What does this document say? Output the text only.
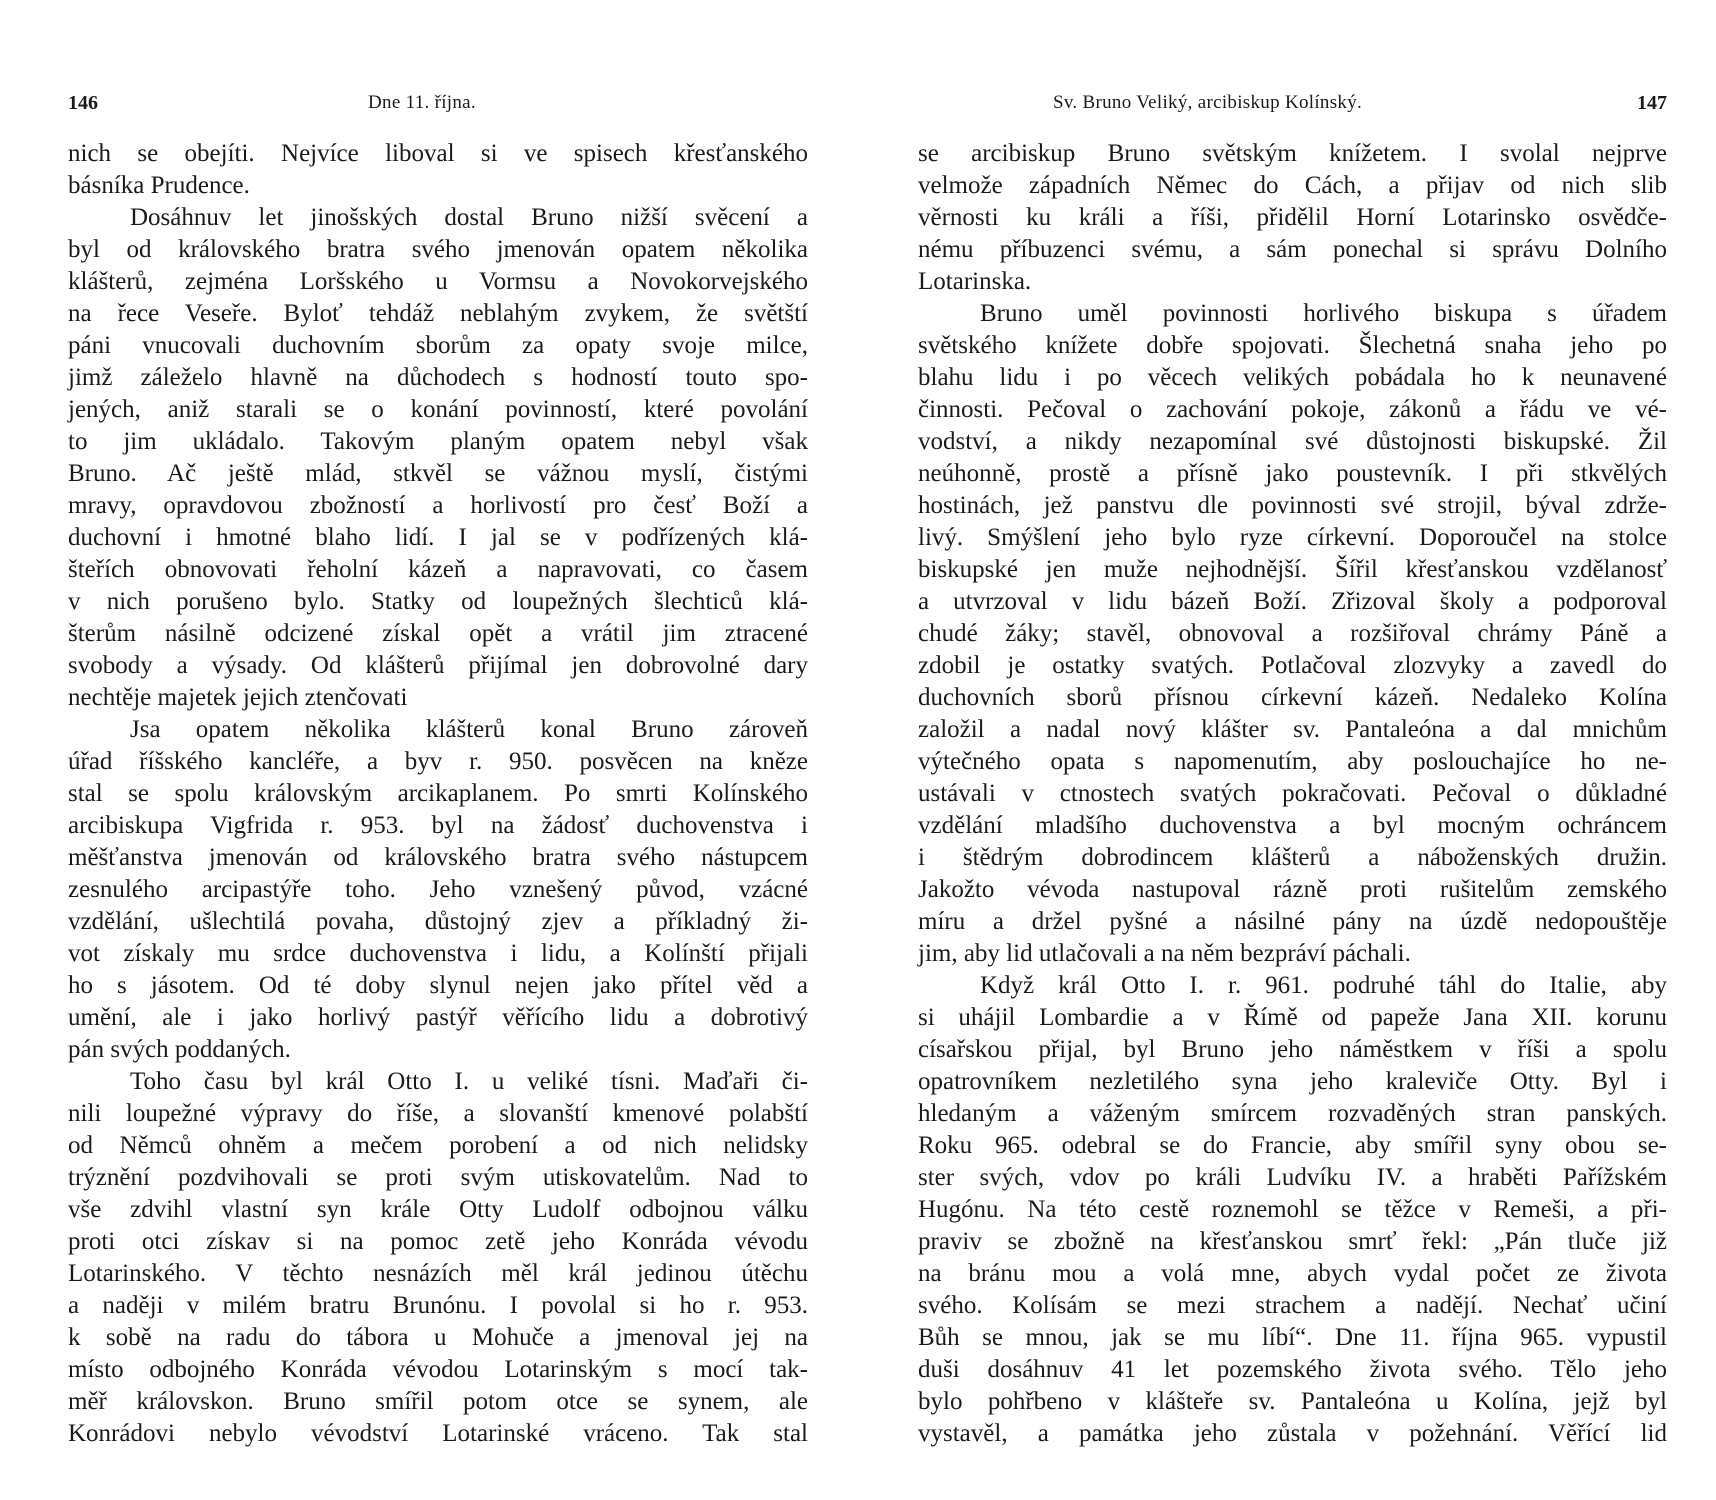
146	Dne 11. října.
nich se obejíti. Nejvíce liboval si ve spisech křesťanského
básníka Prudence.
Dosáhnuv let jinošských dostal Bruno nižší svěcení a
byl od královského bratra svého jmenován opatem několika
klášterů, zejména Loršského u Vormsu a Novokorvejského
na řece Veseře. Bylоť tehdáž neblahým zvykem, že světští
páni vnucovali duchovním sborům za opaty svoje milce,
jimž záleželo hlavně na důchodech s hodností touto spo-
jených, aniž starali se o konání povinností, které povolání
to jim ukládalo. Takovým planým opatem nebyl však
Bruno. Ač ještě mlád, stkvěl se vážnou myslí, čistými
mravy, opravdovou zbožností a horlivostí pro česť Boží a
duchovní i hmotné blaho lidí. I jal se v podřízených klá-
šteřích obnovovati řeholní kázeň a napravovati, co časem
v nich porušeno bylo. Statky od loupežných šlechticů klá-
šterům násilně odcizené získal opět a vrátil jim ztracené
svobody a výsady. Od klášterů přijímal jen dobrovolné dary
nechtěje majetek jejich ztenčovati
Jsa opatem několika klášterů konal Bruno zároveň
úřad říšského kancléře, a byv r. 950. posvěcen na kněze
stal se spolu královským arcikaplanem. Po smrti Kolínského
arcibiskupa Vigfrida r. 953. byl na žádosť duchovenstva i
měšťanstva jmenován od královského bratra svého nástupcem
zesnulého arcipastýře toho. Jeho vznešený původ, vzácné
vzdělání, ušlechtilá povaha, důstojný zjev a příkladný ži-
vot získaly mu srdce duchovenstva i lidu, a Kolínští přijali
ho s jásotem. Od té doby slynul nejen jako přítel věd a
umění, ale i jako horlivý pastýř věřícího lidu a dobrotivý
pán svých poddaných.
Toho času byl král Otto I. u veliké tísni. Maďaři či-
nili loupežné výpravy do říše, a slovanští kmenové polabští
od Němců ohněm a mečem porobení a od nich nelidsky
trýznění pozdvihovali se proti svým utiskovatelům. Nad to
vše zdvihl vlastní syn krále Otty Ludolf odbojnou válku
proti otci získav si na pomoc zetě jeho Konráda vévodu
Lotarinského. V těchto nesnázích měl král jedinou útěchu
a naději v milém bratru Brunónu. I povolal si ho r. 953.
k sobě na radu do tábora u Mohuče a jmenoval jej na
místo odbojného Konráda vévodou Lotarinským s mocí tak-
měř královskon. Bruno smířil potom otce se synem, ale
Konrádovi nebylo vévodství Lotarinské vráceno. Tak stal
Sv. Bruno Veliký, arcibiskup Kolínský.	147
se arcibiskup Bruno světským knížetem. I svolal nejprve
velmože západních Němec do Cách, a přijav od nich slib
věrnosti ku králi a říši, přidělil Horní Lotarinsko osvědče-
nému příbuzenci svému, a sám ponechal si správu Dolního
Lotarinska.
Bruno uměl povinnosti horlivého biskupa s úřadem
světského knížete dobře spojovati. Šlechetná snaha jeho po
blahu lidu i po věcech velikých pobádala ho k neunavené
činnosti. Pečoval o zachování pokoje, zákonů a řádu ve vé-
vodství, a nikdy nezapomínal své důstojnosti biskupské. Žil
neúhonně, prostě a přísně jako poustevník. I při stkvělých
hostinách, jež panstvu dle povinnosti své strojil, býval zdrže-
livý. Smýšlení jeho bylo ryze církevní. Doporoučel na stolce
biskupské jen muže nejhodnější. Šířil křesťanskou vzdělanosť
a utvrzoval v lidu bázeň Boží. Zřizoval školy a podporoval
chudé žáky; stavěl, obnovoval a rozšiřoval chrámy Páně a
zdobil je ostatky svatých. Potlačoval zlozvyky a zavedl do
duchovních sborů přísnou církevní kázeň. Nedaleko Kolína
založil a nadal nový klášter sv. Pantaleóna a dal mnichům
výtečného opata s napomenutím, aby poslouchajíce ho ne-
ustávali v ctnostech svatých pokračovati. Pečoval o důkladné
vzdělání mladšího duchovenstva a byl mocným ochráncem
i štědrým dobrodincem klášterů a náboženských družin.
Jakožto vévoda nastupoval rázně proti rušitelům zemského
míru a držel pyšné a násilné pány na úzdě nedopouštěje
jim, aby lid utlačovali a na něm bezpráví páchali.
Když král Otto I. r. 961. podruhé táhl do Italie, aby
si uhájil Lombardie a v Římě od papeže Jana XII. korunu
císařskou přijal, byl Bruno jeho náměstkem v říši a spolu
opatrovníkem nezletilého syna jeho kraleviče Otty. Byl i
hledaným a váženým smírcem rozvaděných stran panských.
Roku 965. odebral se do Francie, aby smířil syny obou se-
ster svých, vdov po králi Ludvíku IV. a hraběti Pařížském
Hugónu. Na této cestě roznemohl se těžce v Remeši, a při-
praviv se zbožně na křesťanskou smrť řekl: „Pán tluče již
na bránu mou a volá mne, abych vydal počet ze života
svého. Kolísám se mezi strachem a nadějí. Nechať učiní
Bůh se mnou, jak se mu líbí“. Dne 11. října 965. vypustil
duši dosáhnuv 41 let pozemského života svého. Tělo jeho
bylo pohřbeno v klášteře sv. Pantaleóna u Kolína, jejž byl
vystavěl, a památka jeho zůstala v požehnání. Věřící lid
